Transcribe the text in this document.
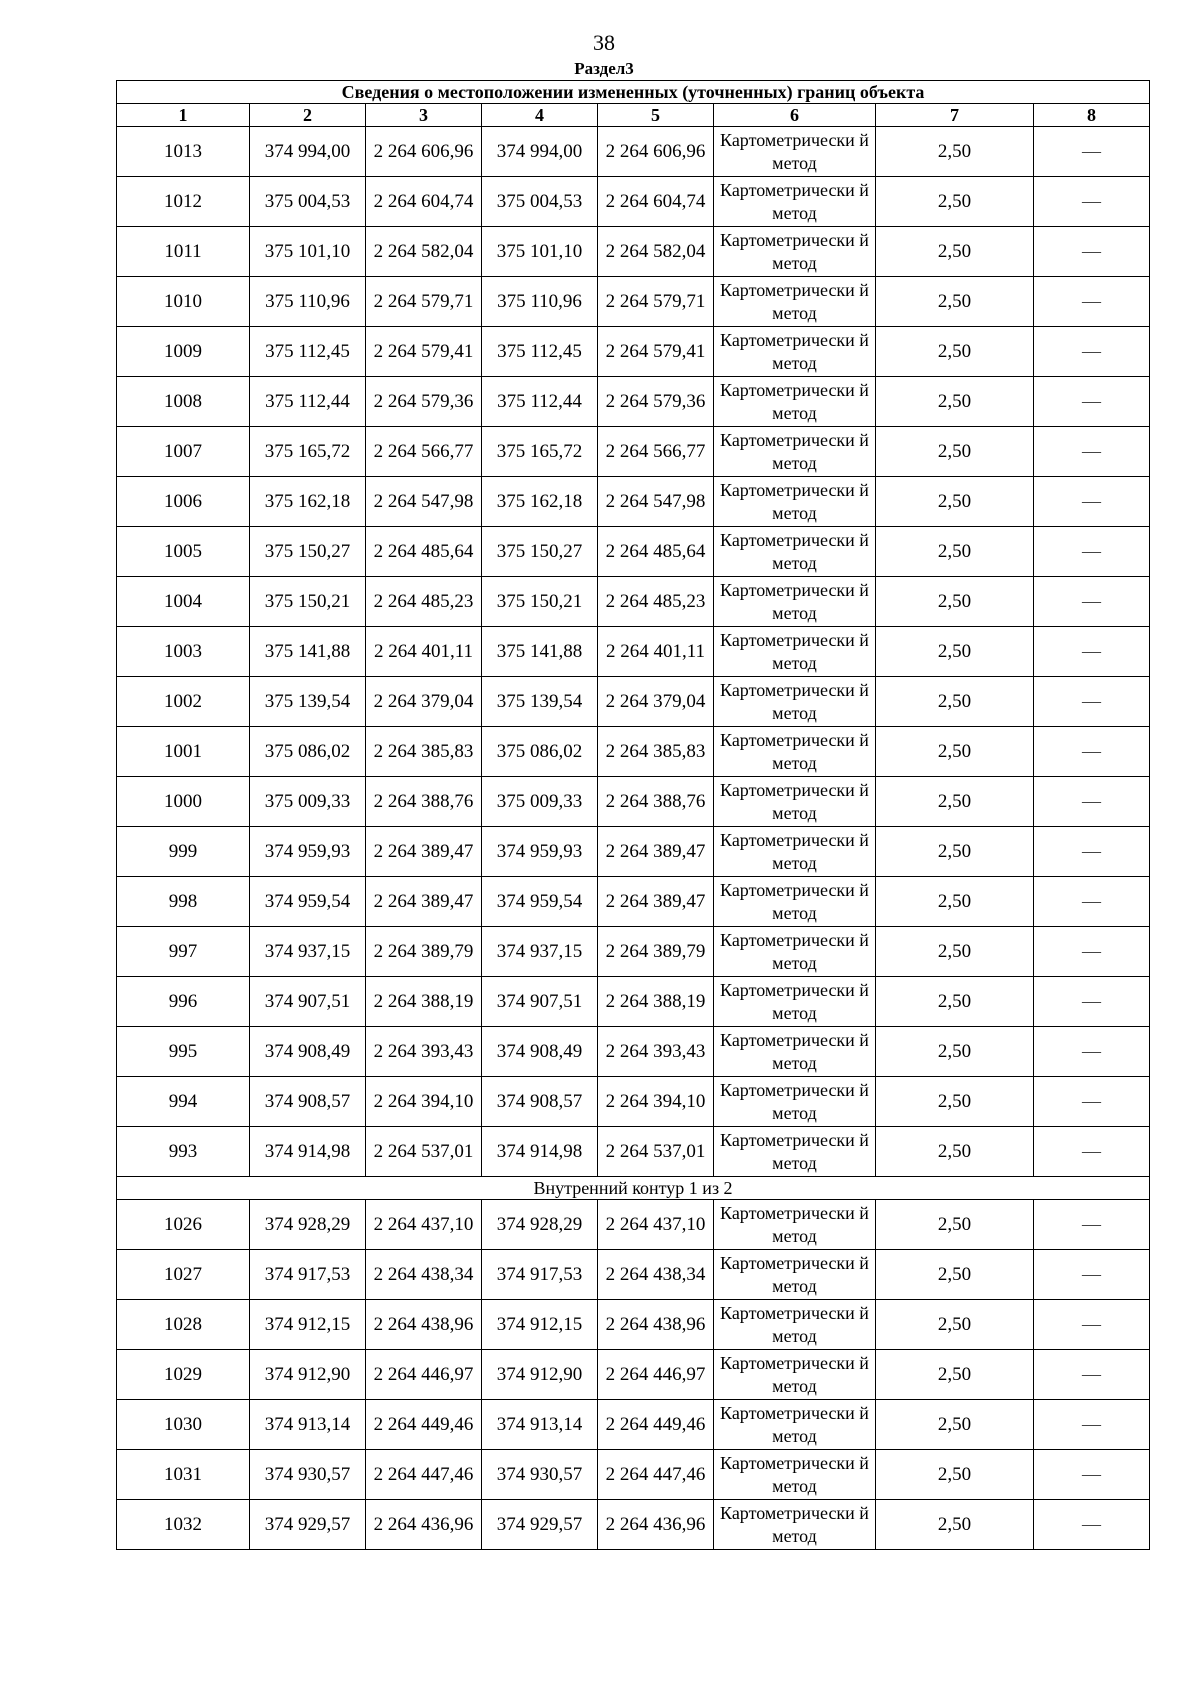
38
Раздел3
Сведения о местоположении измененных (уточненных) границ объекта							
1	2	3	4	5	6	7	8
1013	374 994,00	2 264 606,96	374 994,00	2 264 606,96	Картометрически й метод	2,50	—
1012	375 004,53	2 264 604,74	375 004,53	2 264 604,74	Картометрически й метод	2,50	—
1011	375 101,10	2 264 582,04	375 101,10	2 264 582,04	Картометрически й метод	2,50	—
1010	375 110,96	2 264 579,71	375 110,96	2 264 579,71	Картометрически й метод	2,50	—
1009	375 112,45	2 264 579,41	375 112,45	2 264 579,41	Картометрически й метод	2,50	—
1008	375 112,44	2 264 579,36	375 112,44	2 264 579,36	Картометрически й метод	2,50	—
1007	375 165,72	2 264 566,77	375 165,72	2 264 566,77	Картометрически й метод	2,50	—
1006	375 162,18	2 264 547,98	375 162,18	2 264 547,98	Картометрически й метод	2,50	—
1005	375 150,27	2 264 485,64	375 150,27	2 264 485,64	Картометрически й метод	2,50	—
1004	375 150,21	2 264 485,23	375 150,21	2 264 485,23	Картометрически й метод	2,50	—
1003	375 141,88	2 264 401,11	375 141,88	2 264 401,11	Картометрически й метод	2,50	—
1002	375 139,54	2 264 379,04	375 139,54	2 264 379,04	Картометрически й метод	2,50	—
1001	375 086,02	2 264 385,83	375 086,02	2 264 385,83	Картометрически й метод	2,50	—
1000	375 009,33	2 264 388,76	375 009,33	2 264 388,76	Картометрически й метод	2,50	—
999	374 959,93	2 264 389,47	374 959,93	2 264 389,47	Картометрически й метод	2,50	—
998	374 959,54	2 264 389,47	374 959,54	2 264 389,47	Картометрически й метод	2,50	—
997	374 937,15	2 264 389,79	374 937,15	2 264 389,79	Картометрически й метод	2,50	—
996	374 907,51	2 264 388,19	374 907,51	2 264 388,19	Картометрически й метод	2,50	—
995	374 908,49	2 264 393,43	374 908,49	2 264 393,43	Картометрически й метод	2,50	—
994	374 908,57	2 264 394,10	374 908,57	2 264 394,10	Картометрически й метод	2,50	—
993	374 914,98	2 264 537,01	374 914,98	2 264 537,01	Картометрически й метод	2,50	—
Внутренний контур 1 из 2							
1026	374 928,29	2 264 437,10	374 928,29	2 264 437,10	Картометрически й метод	2,50	—
1027	374 917,53	2 264 438,34	374 917,53	2 264 438,34	Картометрически й метод	2,50	—
1028	374 912,15	2 264 438,96	374 912,15	2 264 438,96	Картометрически й метод	2,50	—
1029	374 912,90	2 264 446,97	374 912,90	2 264 446,97	Картометрически й метод	2,50	—
1030	374 913,14	2 264 449,46	374 913,14	2 264 449,46	Картометрически й метод	2,50	—
1031	374 930,57	2 264 447,46	374 930,57	2 264 447,46	Картометрически й метод	2,50	—
1032	374 929,57	2 264 436,96	374 929,57	2 264 436,96	Картометрически й метод	2,50	—
